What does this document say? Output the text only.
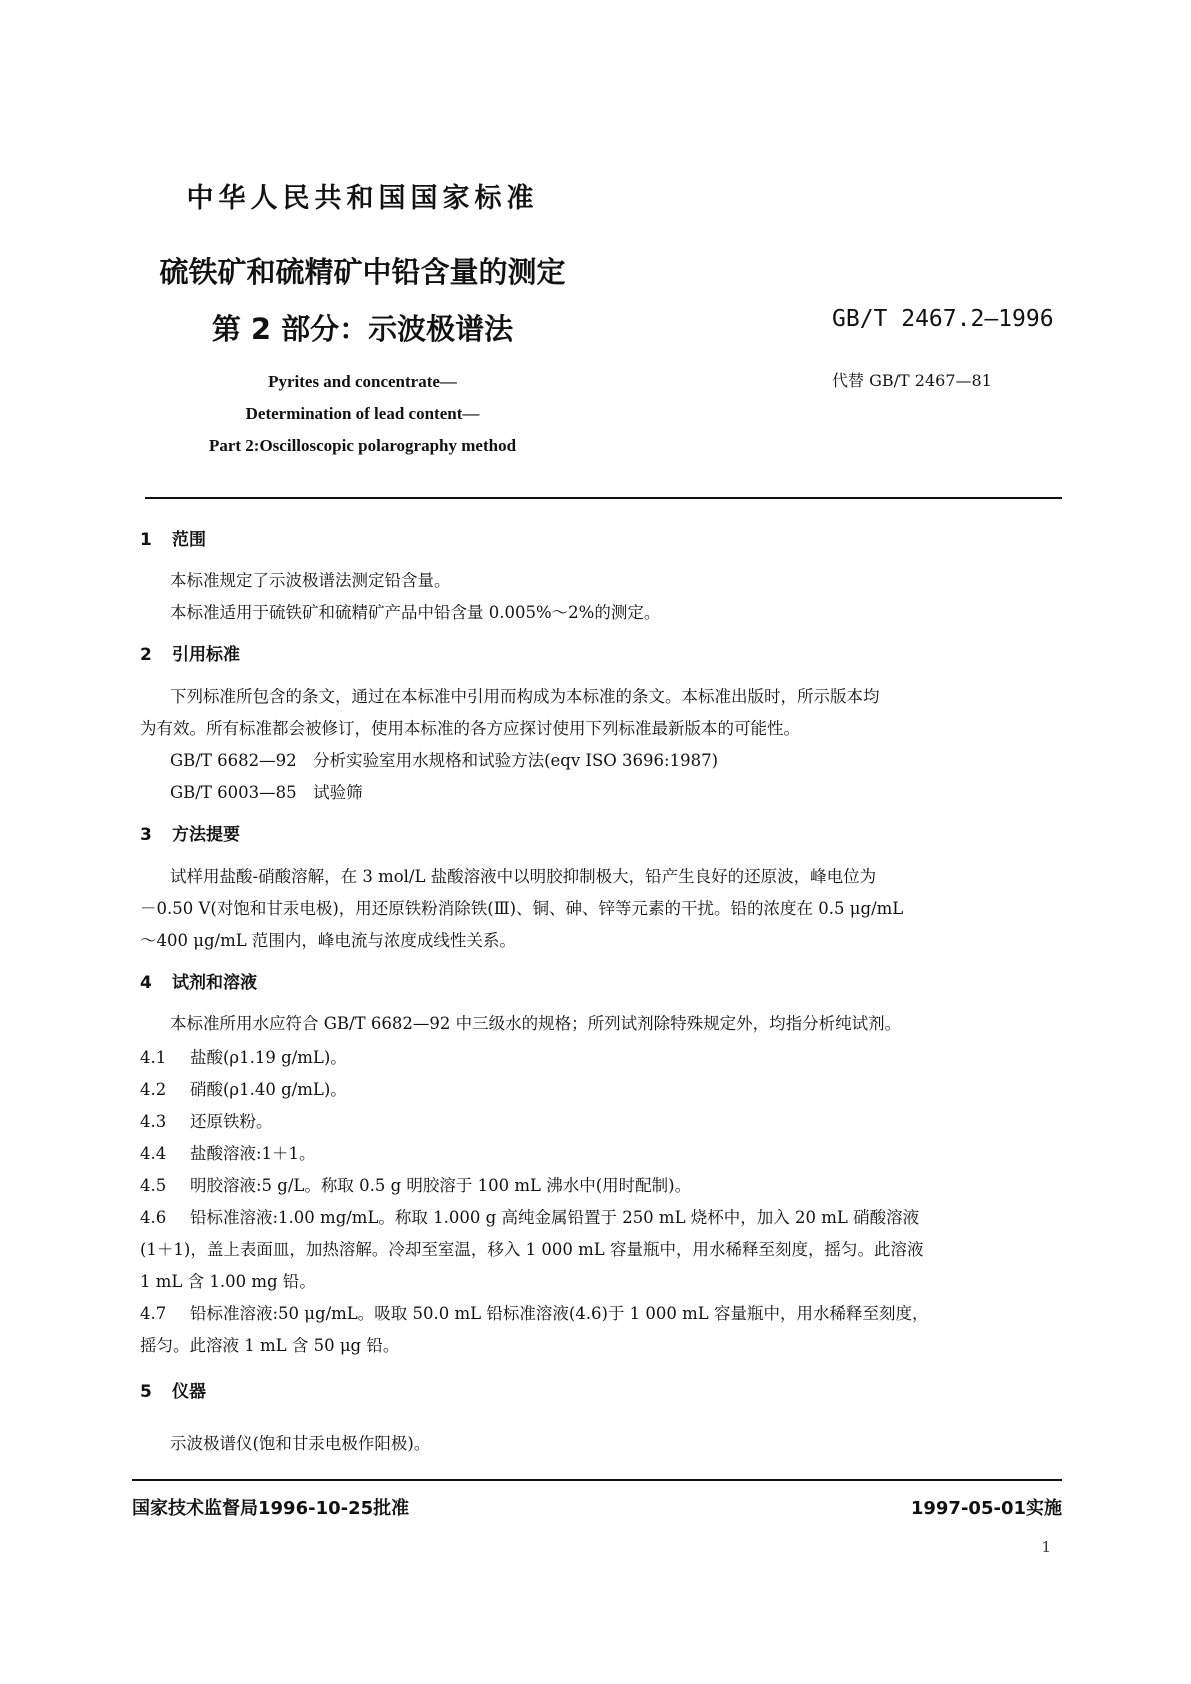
中华人民共和国国家标准
硫铁矿和硫精矿中铅含量的测定
第 2 部分：示波极谱法	GB/T 2467.2—1996
代替 GB/T 2467—81
Pyrites and concentrate—
Determination of lead content—
Part 2:Oscilloscopic polarography method
1 范围
本标准规定了示波极谱法测定铅含量。
本标准适用于硫铁矿和硫精矿产品中铅含量 0.005%～2%的测定。
2 引用标准
下列标准所包含的条文，通过在本标准中引用而构成为本标准的条文。本标准出版时，所示版本均
为有效。所有标准都会被修订，使用本标准的各方应探讨使用下列标准最新版本的可能性。
GB/T 6682—92　分析实验室用水规格和试验方法(eqv ISO 3696:1987)
GB/T 6003—85　试验筛
3 方法提要
试样用盐酸-硝酸溶解，在 3 mol/L 盐酸溶液中以明胶抑制极大，铅产生良好的还原波，峰电位为
－0.50 V(对饱和甘汞电极)，用还原铁粉消除铁(Ⅲ)、铜、砷、锌等元素的干扰。铅的浓度在 0.5 μg/mL
～400 μg/mL 范围内，峰电流与浓度成线性关系。
4 试剂和溶液
本标准所用水应符合 GB/T 6682—92 中三级水的规格；所列试剂除特殊规定外，均指分析纯试剂。
4.1 盐酸(ρ1.19 g/mL)。
4.2 硝酸(ρ1.40 g/mL)。
4.3 还原铁粉。
4.4 盐酸溶液:1＋1。
4.5 明胶溶液:5 g/L。称取 0.5 g 明胶溶于 100 mL 沸水中(用时配制)。
4.6 铅标准溶液:1.00 mg/mL。称取 1.000 g 高纯金属铅置于 250 mL 烧杯中，加入 20 mL 硝酸溶液
(1＋1)，盖上表面皿，加热溶解。冷却至室温，移入 1 000 mL 容量瓶中，用水稀释至刻度，摇匀。此溶液
1 mL 含 1.00 mg 铅。
4.7 铅标准溶液:50 μg/mL。吸取 50.0 mL 铅标准溶液(4.6)于 1 000 mL 容量瓶中，用水稀释至刻度，
摇匀。此溶液 1 mL 含 50 μg 铅。
5 仪器
示波极谱仪(饱和甘汞电极作阳极)。
国家技术监督局1996-10-25批准	1997-05-01实施
1
